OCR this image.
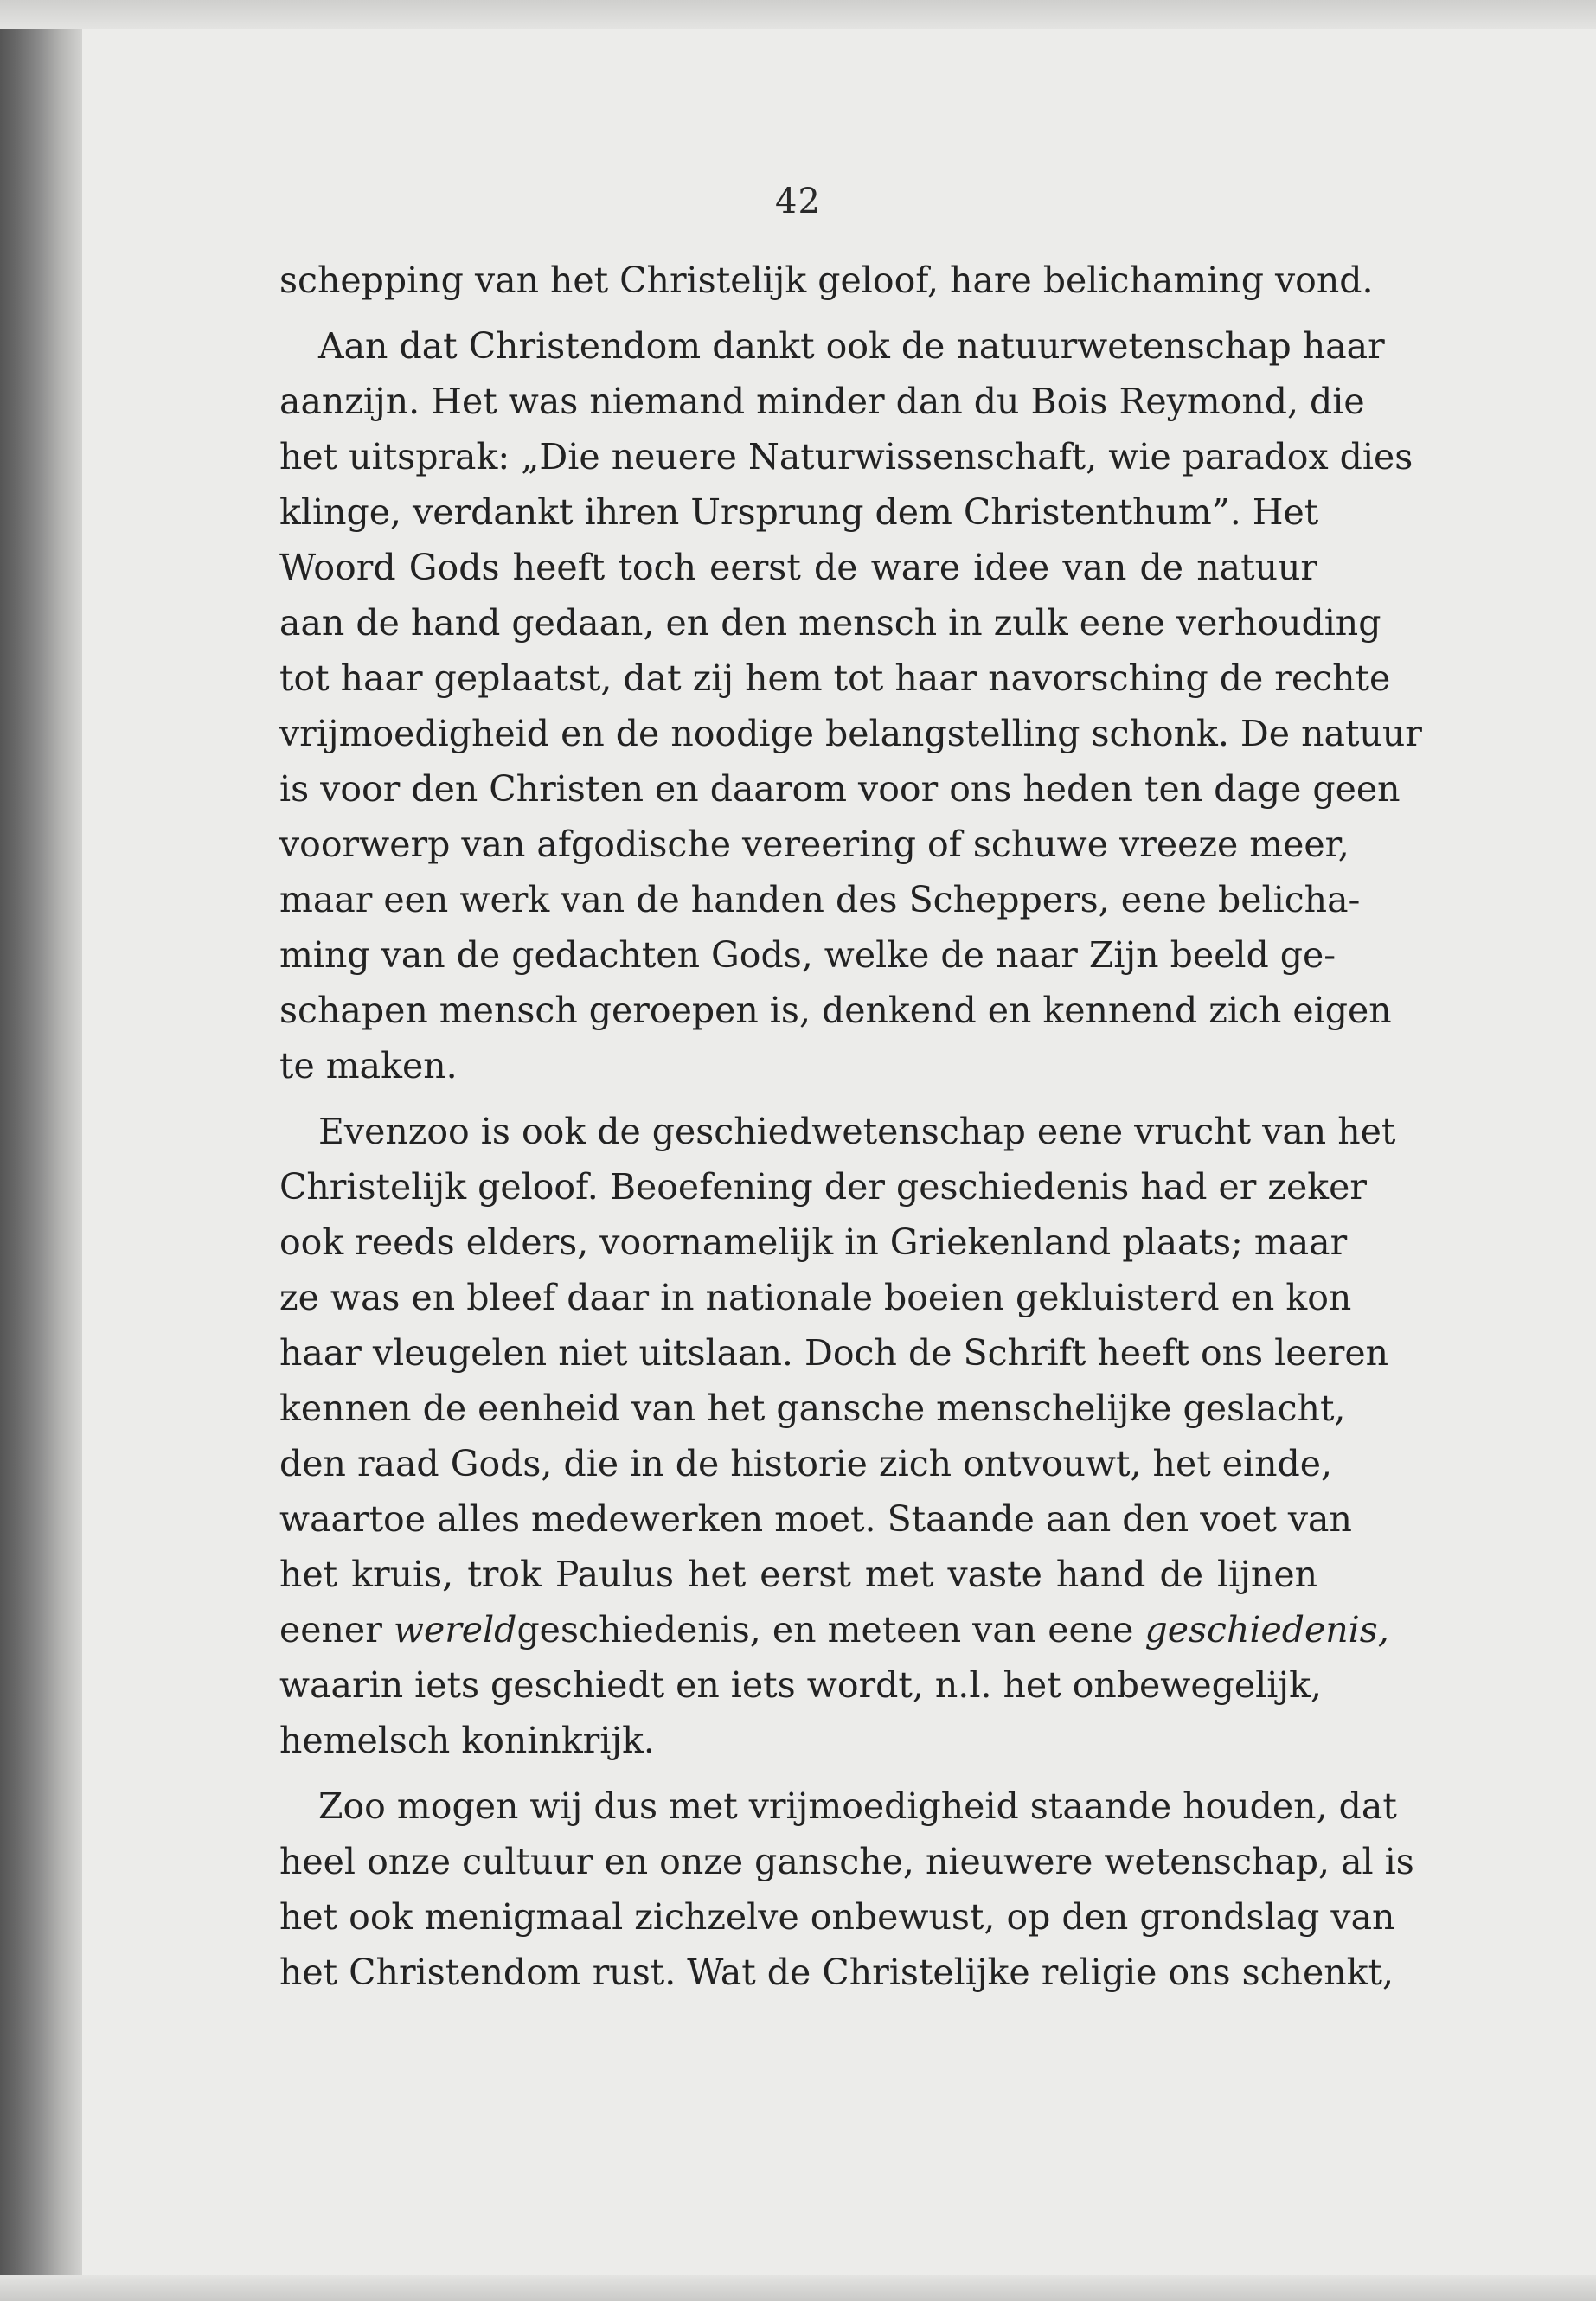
42
schepping van het Christelijk geloof, hare belichaming vond.
Aan dat Christendom dankt ook de natuurwetenschap haar
aanzijn. Het was niemand minder dan du Bois Reymond, die
het uitsprak: „Die neuere Naturwissenschaft, wie paradox dies
klinge, verdankt ihren Ursprung dem Christenthum”. Het
Woord Gods heeft toch eerst de ware idee van de natuur
aan de hand gedaan, en den mensch in zulk eene verhouding
tot haar geplaatst, dat zij hem tot haar navorsching de rechte
vrijmoedigheid en de noodige belangstelling schonk. De natuur
is voor den Christen en daarom voor ons heden ten dage geen
voorwerp van afgodische vereering of schuwe vreeze meer,
maar een werk van de handen des Scheppers, eene belicha-
ming van de gedachten Gods, welke de naar Zijn beeld ge-
schapen mensch geroepen is, denkend en kennend zich eigen
te maken.
Evenzoo is ook de geschiedwetenschap eene vrucht van het
Christelijk geloof. Beoefening der geschiedenis had er zeker
ook reeds elders, voornamelijk in Griekenland plaats; maar
ze was en bleef daar in nationale boeien gekluisterd en kon
haar vleugelen niet uitslaan. Doch de Schrift heeft ons leeren
kennen de eenheid van het gansche menschelijke geslacht,
den raad Gods, die in de historie zich ontvouwt, het einde,
waartoe alles medewerken moet. Staande aan den voet van
het kruis, trok Paulus het eerst met vaste hand de lijnen
eener wereldgeschiedenis, en meteen van eene geschiedenis,
waarin iets geschiedt en iets wordt, n.l. het onbewegelijk,
hemelsch koninkrijk.
Zoo mogen wij dus met vrijmoedigheid staande houden, dat
heel onze cultuur en onze gansche, nieuwere wetenschap, al is
het ook menigmaal zichzelve onbewust, op den grondslag van
het Christendom rust. Wat de Christelijke religie ons schenkt,
